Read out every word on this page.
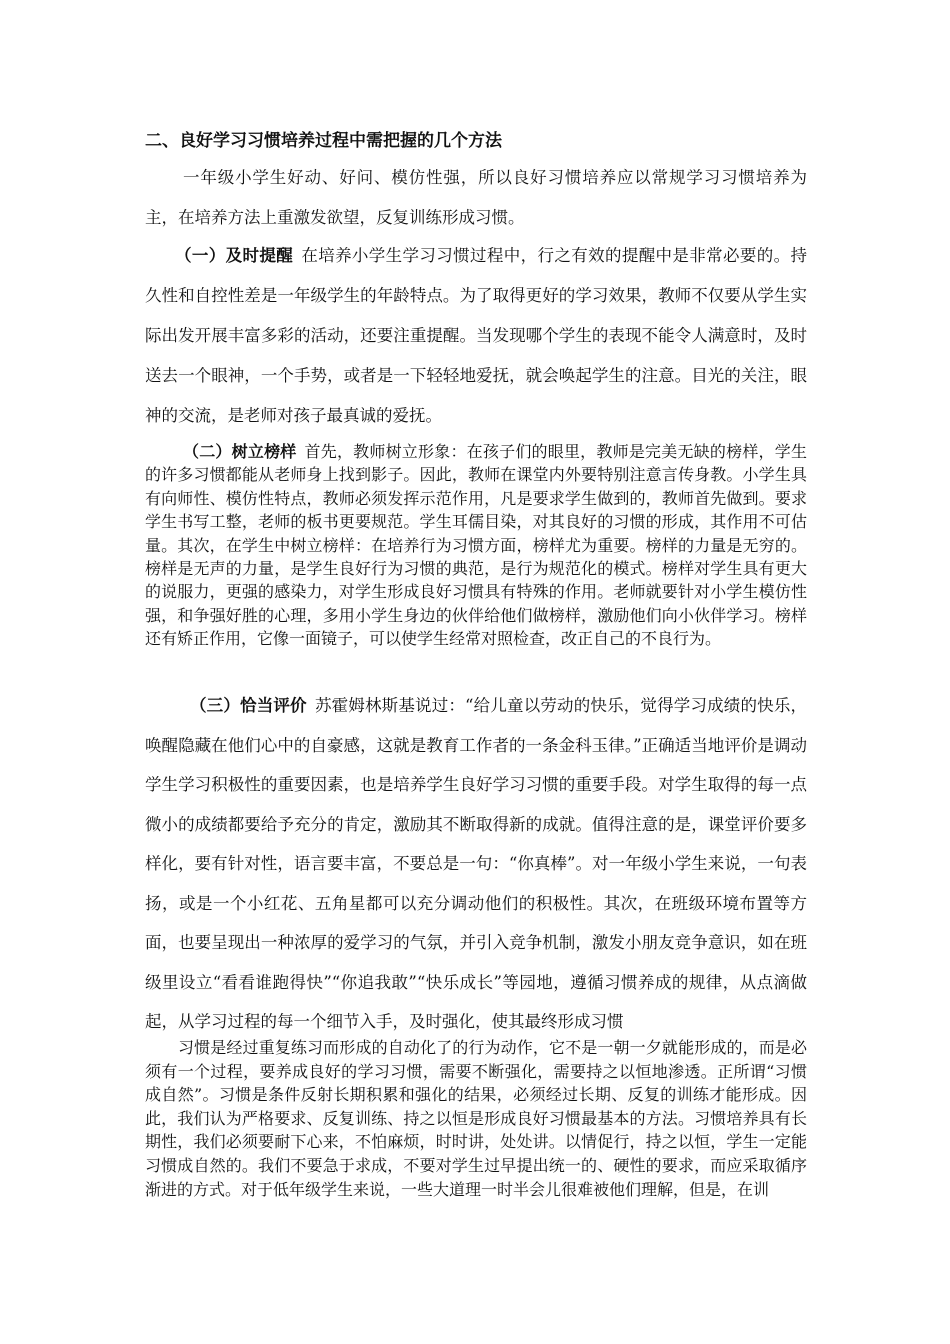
二、良好学习习惯培养过程中需把握的几个方法
一年级小学生好动、好问、模仿性强，所以良好习惯培养应以常规学习习惯培养为主，在培养方法上重激发欲望，反复训练形成习惯。
（一）及时提醒 在培养小学生学习习惯过程中，行之有效的提醒中是非常必要的。持久性和自控性差是一年级学生的年龄特点。为了取得更好的学习效果，教师不仅要从学生实际出发开展丰富多彩的活动，还要注重提醒。当发现哪个学生的表现不能令人满意时，及时送去一个眼神，一个手势，或者是一下轻轻地爱抚，就会唤起学生的注意。目光的关注，眼神的交流，是老师对孩子最真诚的爱抚。
（二）树立榜样 首先，教师树立形象：在孩子们的眼里，教师是完美无缺的榜样，学生的许多习惯都能从老师身上找到影子。因此，教师在课堂内外要特别注意言传身教。小学生具有向师性、模仿性特点，教师必须发挥示范作用，凡是要求学生做到的，教师首先做到。要求学生书写工整，老师的板书更要规范。学生耳儒目染，对其良好的习惯的形成，其作用不可估量。其次，在学生中树立榜样：在培养行为习惯方面，榜样尤为重要。榜样的力量是无穷的。榜样是无声的力量，是学生良好行为习惯的典范，是行为规范化的模式。榜样对学生具有更大的说服力，更强的感染力，对学生形成良好习惯具有特殊的作用。老师就要针对小学生模仿性强，和争强好胜的心理，多用小学生身边的伙伴给他们做榜样，激励他们向小伙伴学习。榜样还有矫正作用，它像一面镜子，可以使学生经常对照检查，改正自己的不良行为。
（三）恰当评价 苏霍姆林斯基说过：“给儿童以劳动的快乐，觉得学习成绩的快乐，唤醒隐藏在他们心中的自豪感，这就是教育工作者的一条金科玉律。”正确适当地评价是调动学生学习积极性的重要因素，也是培养学生良好学习习惯的重要手段。对学生取得的每一点微小的成绩都要给予充分的肯定，激励其不断取得新的成就。值得注意的是，课堂评价要多样化，要有针对性，语言要丰富，不要总是一句：“你真棒”。对一年级小学生来说，一句表扬，或是一个小红花、五角星都可以充分调动他们的积极性。其次，在班级环境布置等方面，也要呈现出一种浓厚的爱学习的气氛，并引入竞争机制，激发小朋友竞争意识，如在班级里设立“看看谁跑得快”“你追我敢”“快乐成长”等园地，遵循习惯养成的规律，从点滴做起，从学习过程的每一个细节入手，及时强化，使其最终形成习惯
习惯是经过重复练习而形成的自动化了的行为动作，它不是一朝一夕就能形成的，而是必须有一个过程，要养成良好的学习习惯，需要不断强化，需要持之以恒地渗透。正所谓“习惯成自然”。习惯是条件反射长期积累和强化的结果，必须经过长期、反复的训练才能形成。因此，我们认为严格要求、反复训练、持之以恒是形成良好习惯最基本的方法。习惯培养具有长期性，我们必须要耐下心来，不怕麻烦，时时讲，处处讲。以情促行，持之以恒，学生一定能习惯成自然的。我们不要急于求成，不要对学生过早提出统一的、硬性的要求，而应采取循序渐进的方式。对于低年级学生来说，一些大道理一时半会儿很难被他们理解，但是，在训
